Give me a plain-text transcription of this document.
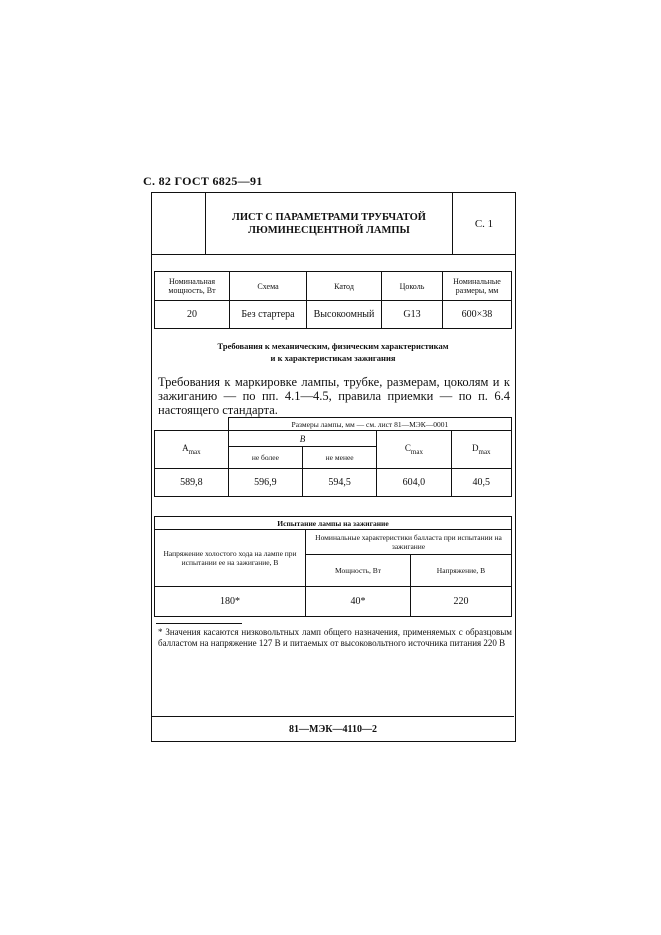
С. 82 ГОСТ 6825—91
ЛИСТ С ПАРАМЕТРАМИ ТРУБЧАТОЙ
ЛЮМИНЕСЦЕНТНОЙ ЛАМПЫ
С. 1
Номинальная мощность, Вт	Схема	Катод	Цоколь	Номинальные размеры, мм
20	Без стартера	Высокоомный	G13	600×38
Требования к механическим, физическим характеристикам
и к характеристикам зажигания
Требования к маркировке лампы, трубке, размерам, цоколям и к зажиганию — по пп. 4.1—4.5, правила приемки — по п. 6.4 настоящего стандарта.
	Размеры лампы, мм — см. лист 81—МЭК—0001			
$A_{max}$	B		$C_{max}$	$D_{max}$
	не более	не менее		
589,8	596,9	594,5	604,0	40,5
Испытание лампы на зажигание		
Напряжение холостого хода на лампе при испытании ее на зажигание, В	Номинальные характеристики балласта при испытании на зажигание	
	Мощность, Вт	Напряжение, В
180*	40*	220
* Значения касаются низковольтных ламп общего назначения, применяемых с образцовым балластом на напряжение 127 В и питаемых от высоковольтного источника питания 220 В
81—МЭК—4110—2
